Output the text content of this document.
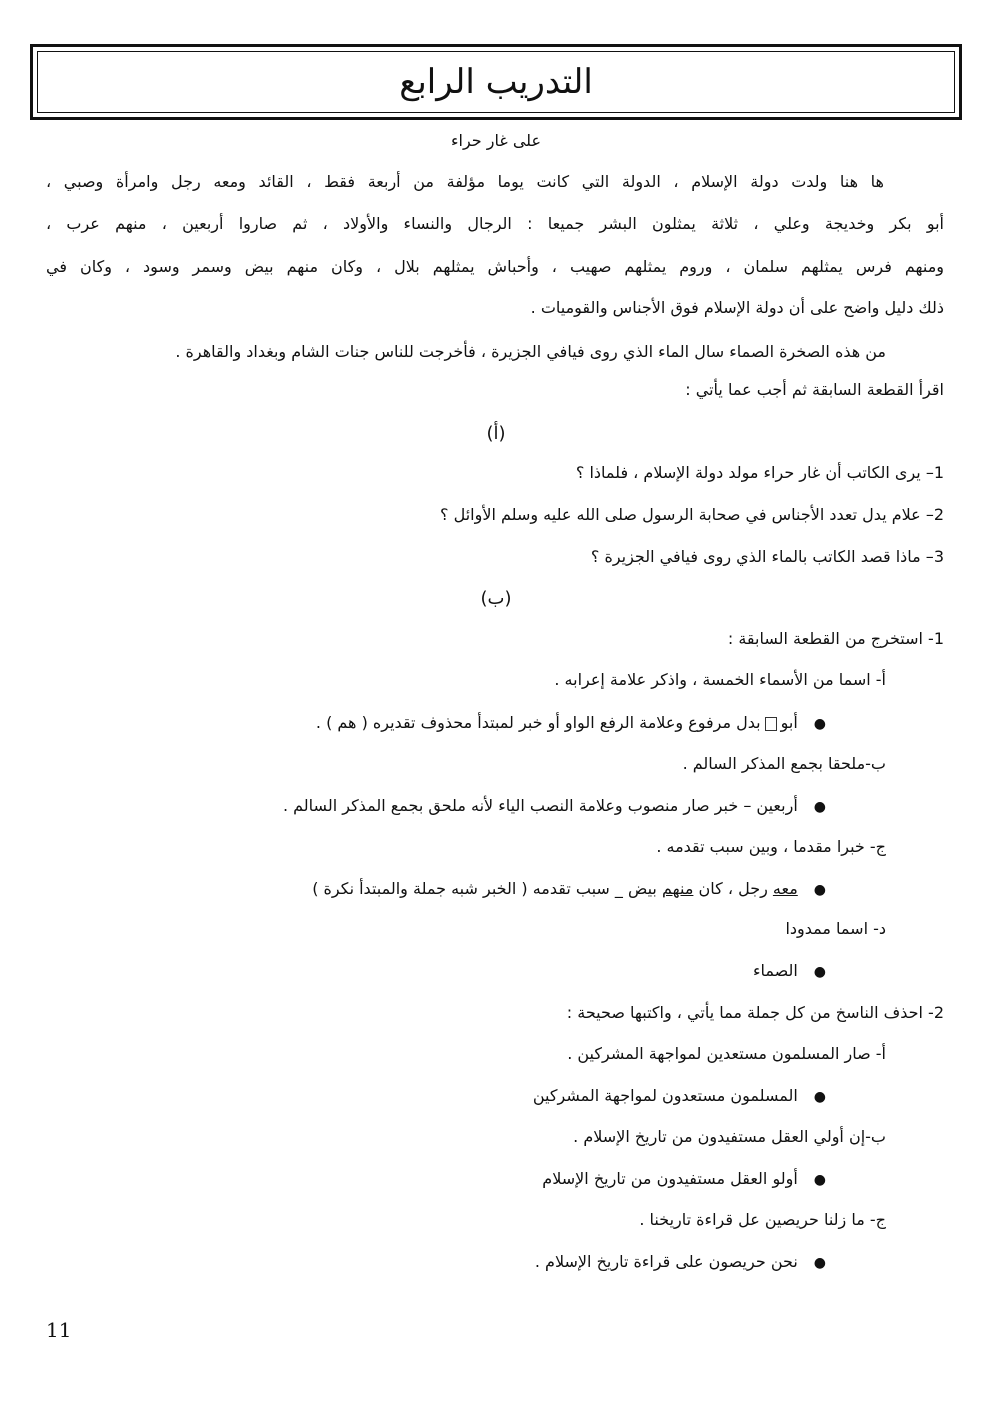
التدريب الرابع
على غار حراء
ها هنا ولدت دولة الإسلام ، الدولة التي كانت يوما مؤلفة من أربعة فقط ، القائد ومعه رجل وامرأة وصبي ،
أبو بكر وخديجة وعلي ، ثلاثة يمثلون البشر جميعا : الرجال والنساء والأولاد ، ثم صاروا أربعين ، منهم عرب ،
ومنهم فرس يمثلهم سلمان ، وروم يمثلهم صهيب ، وأحباش يمثلهم بلال ، وكان منهم بيض وسمر وسود ، وكان في
ذلك دليل واضح على أن دولة الإسلام فوق الأجناس والقوميات .
من هذه الصخرة الصماء سال الماء الذي روى فيافي الجزيرة ، فأخرجت للناس جنات الشام وبغداد والقاهرة .
اقرأ القطعة السابقة ثم أجب عما يأتي :
(أ)
1– يرى الكاتب أن غار حراء مولد دولة الإسلام ، فلماذا ؟
2– علام يدل تعدد الأجناس في صحابة الرسول صلى الله عليه وسلم الأوائل ؟
3– ماذا قصد الكاتب بالماء الذي روى فيافي الجزيرة ؟
(ب)
1- استخرج من القطعة السابقة :
أ- اسما من الأسماء الخمسة ، واذكر علامة إعرابه .
●أبوبدل مرفوع وعلامة الرفع الواو أو خبر لمبتدأ محذوف تقديره ( هم ) .
ب-ملحقا بجمع المذكر السالم .
●أربعين – خبر صار منصوب وعلامة النصب الياء لأنه ملحق بجمع المذكر السالم .
ج- خبرا مقدما ، وبين سبب تقدمه .
●معه رجل ، كان منهم بيض _ سبب تقدمه ( الخبر شبه جملة والمبتدأ نكرة )
د- اسما ممدودا
●الصماء
2- احذف الناسخ من كل جملة مما يأتي ، واكتبها صحيحة :
أ- صار المسلمون مستعدين لمواجهة المشركين .
●المسلمون مستعدون لمواجهة المشركين
ب-إن أولي العقل مستفيدون من تاريخ الإسلام .
●أولو العقل مستفيدون من تاريخ الإسلام
ج- ما زلنا حريصين عل قراءة تاريخنا .
●نحن حريصون على قراءة تاريخ الإسلام .
11
